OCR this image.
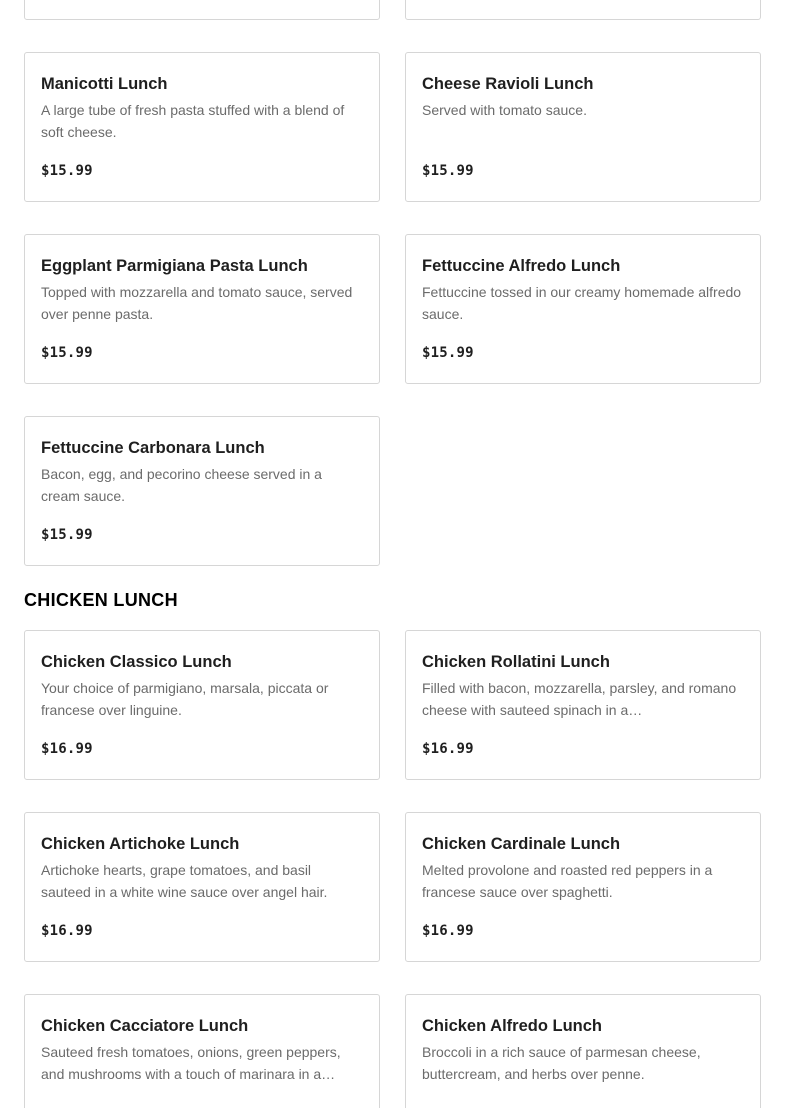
Manicotti Lunch
A large tube of fresh pasta stuffed with a blend of soft cheese.
$15.99
Cheese Ravioli Lunch
Served with tomato sauce.
$15.99
Eggplant Parmigiana Pasta Lunch
Topped with mozzarella and tomato sauce, served over penne pasta.
$15.99
Fettuccine Alfredo Lunch
Fettuccine tossed in our creamy homemade alfredo sauce.
$15.99
Fettuccine Carbonara Lunch
Bacon, egg, and pecorino cheese served in a cream sauce.
$15.99
CHICKEN LUNCH
Chicken Classico Lunch
Your choice of parmigiano, marsala, piccata or francese over linguine.
$16.99
Chicken Rollatini Lunch
Filled with bacon, mozzarella, parsley, and romano cheese with sauteed spinach in a…
$16.99
Chicken Artichoke Lunch
Artichoke hearts, grape tomatoes, and basil sauteed in a white wine sauce over angel hair.
$16.99
Chicken Cardinale Lunch
Melted provolone and roasted red peppers in a francese sauce over spaghetti.
$16.99
Chicken Cacciatore Lunch
Sauteed fresh tomatoes, onions, green peppers, and mushrooms with a touch of marinara in a…
Chicken Alfredo Lunch
Broccoli in a rich sauce of parmesan cheese, buttercream, and herbs over penne.
